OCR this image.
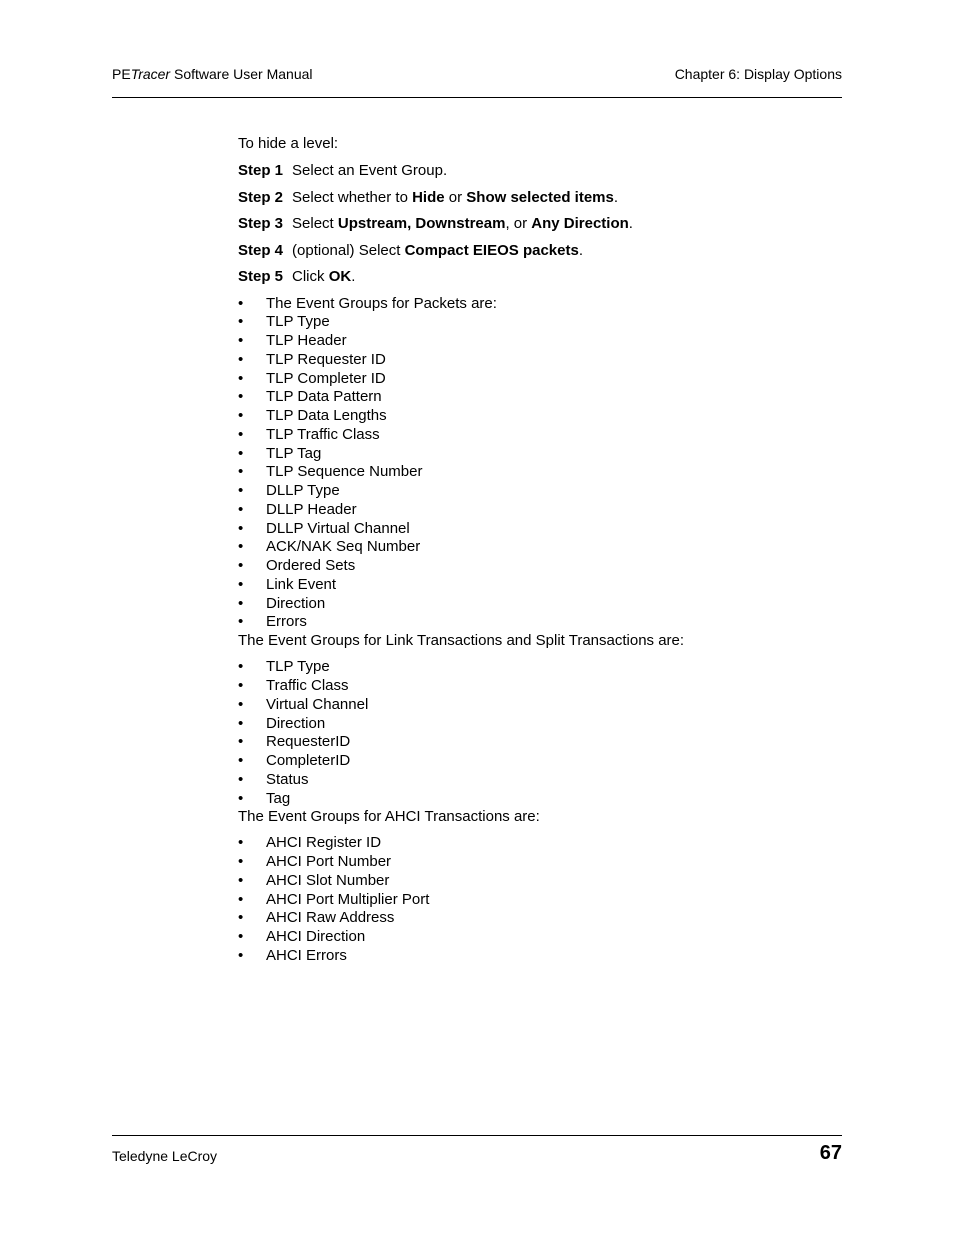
PETracer Software User Manual	Chapter 6: Display Options
To hide a level:
Step 1 Select an Event Group.
Step 2 Select whether to Hide or Show selected items.
Step 3 Select Upstream, Downstream, or Any Direction.
Step 4 (optional) Select Compact EIEOS packets.
Step 5 Click OK.
• The Event Groups for Packets are:
• TLP Type
• TLP Header
• TLP Requester ID
• TLP Completer ID
• TLP Data Pattern
• TLP Data Lengths
• TLP Traffic Class
• TLP Tag
• TLP Sequence Number
• DLLP Type
• DLLP Header
• DLLP Virtual Channel
• ACK/NAK Seq Number
• Ordered Sets
• Link Event
• Direction
• Errors
The Event Groups for Link Transactions and Split Transactions are:
• TLP Type
• Traffic Class
• Virtual Channel
• Direction
• RequesterID
• CompleterID
• Status
• Tag
The Event Groups for AHCI Transactions are:
• AHCI Register ID
• AHCI Port Number
• AHCI Slot Number
• AHCI Port Multiplier Port
• AHCI Raw Address
• AHCI Direction
• AHCI Errors
Teledyne LeCroy	67
